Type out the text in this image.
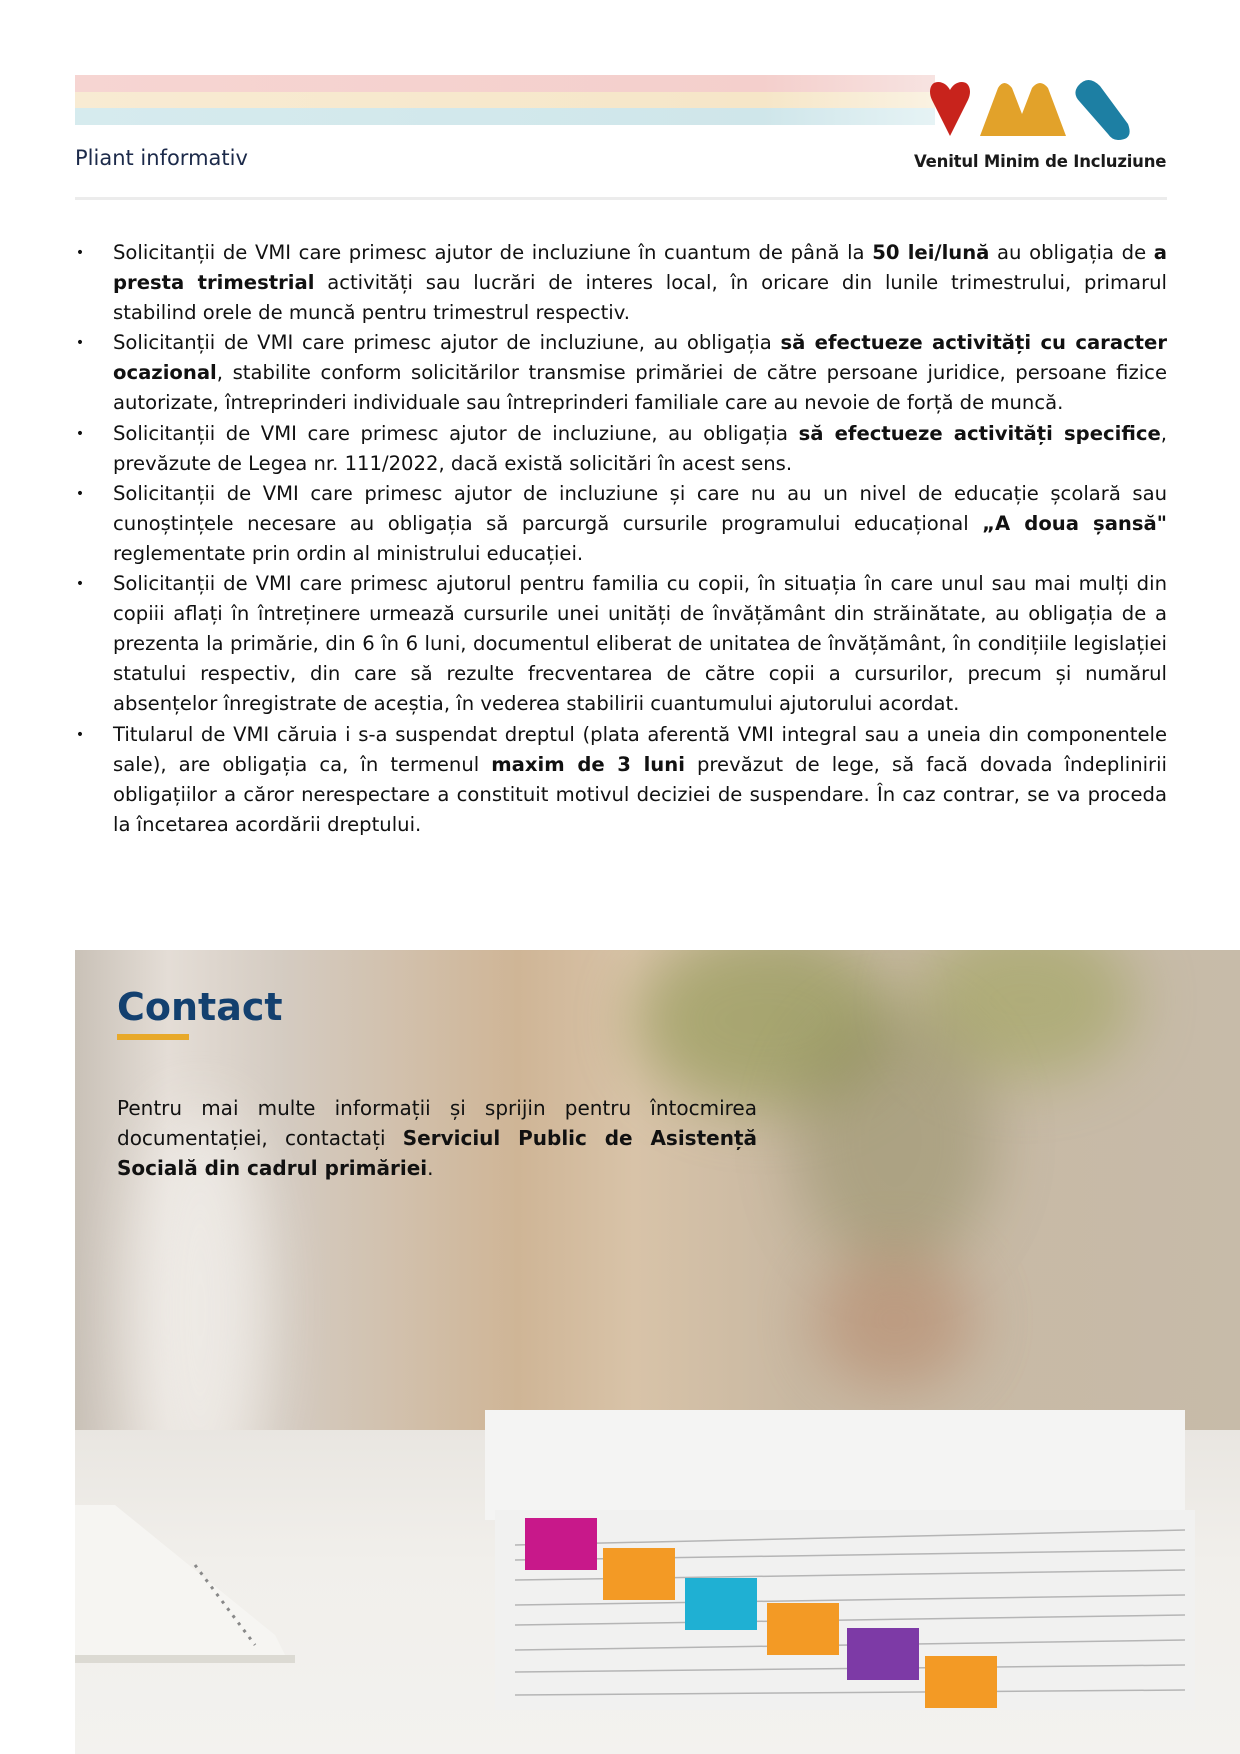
Pliant informativ	Venitul Minim de Incluziune
• Solicitanții de VMI care primesc ajutor de incluziune în cuantum de până la 50 lei/lună au obligația de a presta trimestrial activități sau lucrări de interes local, în oricare din lunile trimestrului, primarul stabilind orele de muncă pentru trimestrul respectiv.
• Solicitanții de VMI care primesc ajutor de incluziune, au obligația să efectueze activități cu caracter ocazional, stabilite conform solicitărilor transmise primăriei de către persoane juridice, persoane fizice autorizate, întreprinderi individuale sau întreprinderi familiale care au nevoie de forță de muncă.
• Solicitanții de VMI care primesc ajutor de incluziune, au obligația să efectueze activități specifice, prevăzute de Legea nr. 111/2022, dacă există solicitări în acest sens.
• Solicitanții de VMI care primesc ajutor de incluziune și care nu au un nivel de educație școlară sau cunoștințele necesare au obligația să parcurgă cursurile programului educațional „A doua șansă" reglementate prin ordin al ministrului educației.
• Solicitanții de VMI care primesc ajutorul pentru familia cu copii, în situația în care unul sau mai mulți din copiii aflați în întreținere urmează cursurile unei unități de învățământ din străinătate, au obligația de a prezenta la primărie, din 6 în 6 luni, documentul eliberat de unitatea de învățământ, în condițiile legislației statului respectiv, din care să rezulte frecventarea de către copii a cursurilor, precum și numărul absențelor înregistrate de aceștia, în vederea stabilirii cuantumului ajutorului acordat.
• Titularul de VMI căruia i s-a suspendat dreptul (plata aferentă VMI integral sau a uneia din componentele sale), are obligația ca, în termenul maxim de 3 luni prevăzut de lege, să facă dovada îndeplinirii obligațiilor a căror nerespectare a constituit motivul deciziei de suspendare. În caz contrar, se va proceda la încetarea acordării dreptului.
Contact
Pentru mai multe informații și sprijin pentru întocmirea documentației, contactați Serviciul Public de Asistență Socială din cadrul primăriei.
